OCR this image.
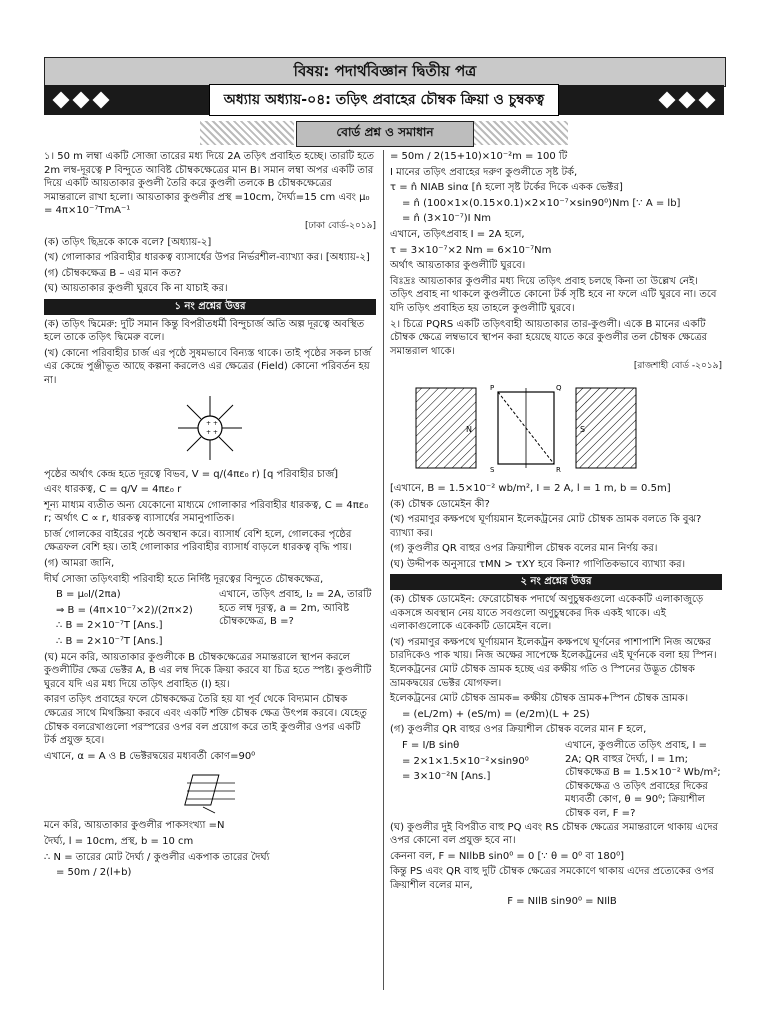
বিষয়: পদার্থবিজ্ঞান দ্বিতীয় পত্র
অধ্যায় অধ্যায়-০৪: তড়িৎ প্রবাহের চৌম্বক ক্রিয়া ও চুম্বকত্ব
বোর্ড প্রশ্ন ও সমাধান

১। 50 m লম্বা একটি সোজা তারের মধ্য দিয়ে 2A তড়িৎ প্রবাহিত হচ্ছে। তারটি হতে 2m লম্ব-দূরত্বে P বিন্দুতে আবিষ্ট চৌম্বকক্ষেত্রের মান B। সমান লম্বা অপর একটি তার দিয়ে একটি আয়তাকার কুণ্ডলী তৈরি করে কুণ্ডলী তলকে B চৌম্বকক্ষেত্রের সমান্তরালে রাখা হলো। আয়তাকার কুণ্ডলীর প্রস্থ =10cm, দৈর্ঘ্য=15 cm এবং μ₀ = 4π×10⁻⁷TmA⁻¹

[ঢাকা বোর্ড-২০১৯]

(ক) তড়িৎ ছিদ্রকে কাকে বলে? [অধ্যায়-২]

(খ) গোলাকার পরিবাহীর ধারকত্ব ব্যাসার্ধের উপর নির্ভরশীল-ব্যাখ্যা কর। [অধ্যায়-২]

(গ) চৌম্বকক্ষেত্র B – এর মান কত?

(ঘ) আয়তাকার কুণ্ডলী ঘুরবে কি না যাচাই কর।

১ নং প্রশ্নের উত্তর

(ক) তড়িৎ দ্বিমেরু: দুটি সমান কিন্তু বিপরীতধর্মী বিন্দুচার্জ অতি অল্প দূরত্বে অবস্থিত হলে তাকে তড়িৎ দ্বিমেরু বলে।

(খ) কোনো পরিবাহীর চার্জ এর পৃষ্ঠে সুষমভাবে বিন্যস্ত থাকে। তাই পৃষ্ঠের সকল চার্জ এর কেন্দ্রে পুঞ্জীভূত আছে কল্পনা করলেও এর ক্ষেত্রের (Field) কোনো পরিবর্তন হয় না।

+ +
+ +

পৃষ্ঠের অর্থাৎ কেন্দ্র হতে দূরত্বে বিভব, V = q/(4πε₀ r) [q পরিবাহীর চার্জ]

এবং ধারকত্ব, C = q/V = 4πε₀ r

শূন্য মাধ্যম ব্যতীত অন্য যেকোনো মাধ্যমে গোলাকার পরিবাহীর ধারকত্ব, C = 4πε₀ r; অর্থাৎ C ∝ r, ধারকত্ব ব্যাসার্ধের সমানুপাতিক।

চার্জ গোলকের বাইরের পৃষ্ঠে অবস্থান করে। ব্যাসার্ধ বেশি হলে, গোলকের পৃষ্ঠের ক্ষেত্রফল বেশি হয়। তাই গোলাকার পরিবাহীর ব্যাসার্ধ বাড়লে ধারকত্ব বৃদ্ধি পায়।

(গ) আমরা জানি,

দীর্ঘ সোজা তড়িৎবাহী পরিবাহী হতে নির্দিষ্ট দূরত্বের বিন্দুতে চৌম্বকক্ষেত্র,

B = μ₀I/(2πa)

⇒ B = (4π×10⁻⁷×2)/(2π×2)

∴ B = 2×10⁻⁷T [Ans.]

∴ B = 2×10⁻⁷T [Ans.]

এখানে, তড়িৎ প্রবাহ, I₂ = 2A, তারটি হতে লম্ব দূরত্ব, a = 2m, আবিষ্ট চৌম্বকক্ষেত্র, B =?

(ঘ) মনে করি, আয়তাকার কুণ্ডলীকে B চৌম্বকক্ষেত্রের সমান্তরালে স্থাপন করলে কুণ্ডলীটির ক্ষেত্র ভেক্টর A, B এর লম্ব দিকে ক্রিয়া করবে যা চিত্র হতে স্পষ্ট। কুণ্ডলীটি ঘুরবে যদি এর মধ্য দিয়ে তড়িৎ প্রবাহিত (I) হয়।

কারণ তড়িৎ প্রবাহের ফলে চৌম্বকক্ষেত্র তৈরি হয় যা পূর্ব থেকে বিদ্যমান চৌম্বক ক্ষেত্রের সাথে মিথস্ক্রিয়া করবে এবং একটি শক্তি চৌম্বক ক্ষেত্র উৎপন্ন করবে। যেহেতু চৌম্বক বলরেখাগুলো পরস্পরের ওপর বল প্রয়োগ করে তাই কুণ্ডলীর ওপর একটি টর্ক প্রযুক্ত হবে।

এখানে, α = A ও B ভেক্টরদ্বয়ের মধ্যবর্তী কোণ=90⁰

মনে করি, আয়তাকার কুণ্ডলীর পাকসংখ্যা =N

দৈর্ঘ্য, l = 10cm, প্রস্থ, b = 10 cm

∴ N = তারের মোট দৈর্ঘ্য / কুণ্ডলীর একপাক তারের দৈর্ঘ্য

= 50m / 2(l+b)

= 50m / 2(15+10)×10⁻²m = 100 টি

I মানের তড়িৎ প্রবাহের দরুণ কুণ্ডলীতে সৃষ্ট টর্ক,

τ = n̂ NIAB sinα [n̂ হলো সৃষ্ট টর্কের দিকে একক ভেক্টর]

= n̂ (100×1×(0.15×0.1)×2×10⁻⁷×sin90⁰)Nm [∵ A = lb]

= n̂ (3×10⁻⁷)I Nm

এখানে, তড়িৎপ্রবাহ I = 2A হলে,

τ = 3×10⁻⁷×2 Nm = 6×10⁻⁷Nm

অর্থাৎ আয়তাকার কুণ্ডলীটি ঘুরবে।

বিঃদ্রঃ আয়তাকার কুণ্ডলীর মধ্য দিয়ে তড়িৎ প্রবাহ চলছে কিনা তা উল্লেখ নেই। তড়িৎ প্রবাহ না থাকলে কুণ্ডলীতে কোনো টর্ক সৃষ্টি হবে না ফলে এটি ঘুরবে না। তবে যদি তড়িৎ প্রবাহিত হয় তাহলে কুণ্ডলীটি ঘুরবে।

২। চিত্রে PQRS একটি তড়িৎবাহী আয়তাকার তার-কুণ্ডলী। একে B মানের একটি চৌম্বক ক্ষেত্রে লম্বভাবে স্থাপন করা হয়েছে যাতে করে কুণ্ডলীর তল চৌম্বক ক্ষেত্রের সমান্তরাল থাকে।

[রাজশাহী বোর্ড -২০১৯]

P	Q
R
S
N	S

[এখানে, B = 1.5×10⁻² wb/m², I = 2 A, l = 1 m, b = 0.5m]

(ক) চৌম্বক ডোমেইন কী?

(খ) পরমাণুর কক্ষপথে ঘূর্ণায়মান ইলেকট্রনের মোট চৌম্বক ভ্রামক বলতে কি বুঝ? ব্যাখ্যা কর।

(গ) কুণ্ডলীর QR বাহুর ওপর ক্রিয়াশীল চৌম্বক বলের মান নির্ণয় কর।

(ঘ) উদ্দীপক অনুসারে τMN > τXY হবে কিনা? গাণিতিকভাবে ব্যাখ্যা কর।

২ নং প্রশ্নের উত্তর

(ক) চৌম্বক ডোমেইন: ফেরোচৌম্বক পদার্থে অণুচুম্বকগুলো একেকটি এলাকাজুড়ে একসঙ্গে অবস্থান নেয় যাতে সবগুলো অণুচুম্বকের দিক একই থাকে। এই এলাকাগুলোকে একেকটি ডোমেইন বলে।

(খ) পরমাণুর কক্ষপথে ঘূর্ণায়মান ইলেকট্রন কক্ষপথে ঘূর্ণনের পাশাপাশি নিজ অক্ষের চারদিকেও পাক খায়। নিজ অক্ষের সাপেক্ষে ইলেকট্রনের এই ঘূর্ণনকে বলা হয় স্পিন। ইলেকট্রনের মোট চৌম্বক ভ্রামক হচ্ছে এর কক্ষীয় গতি ও স্পিনের উদ্ভূত চৌম্বক ভ্রামকদ্বয়ের ভেক্টর যোগফল।

ইলেকট্রনের মোট চৌম্বক ভ্রামক= কক্ষীয় চৌম্বক ভ্রামক+স্পিন চৌম্বক ভ্রামক।

= (eL/2m) + (eS/m) = (e/2m)(L + 2S)

(গ) কুণ্ডলীর QR বাহুর ওপর ক্রিয়াশীল চৌম্বক বলের মান F হলে,

F = I/B sinθ

= 2×1×1.5×10⁻²×sin90⁰

= 3×10⁻²N [Ans.]

এখানে, কুণ্ডলীতে তড়িৎ প্রবাহ, I = 2A; QR বাহুর দৈর্ঘ্য, l = 1m; চৌম্বকক্ষেত্র B = 1.5×10⁻² Wb/m²; চৌম্বকক্ষেত্র ও তড়িৎ প্রবাহের দিকের মধ্যবর্তী কোণ, θ = 90⁰; ক্রিয়াশীল চৌম্বক বল, F =?

(ঘ) কুণ্ডলীর দুই বিপরীত বাহু PQ এবং RS চৌম্বক ক্ষেত্রের সমান্তরালে থাকায় এদের ওপর কোনো বল প্রযুক্ত হবে না।

কেননা বল, F = NIlbB sin0⁰ = 0 [∵ θ = 0⁰ বা 180⁰]

কিন্তু PS এবং QR বাহু দুটি চৌম্বক ক্ষেত্রের সমকোণে থাকায় এদের প্রত্যেকের ওপর ক্রিয়াশীল বলের মান,

F = NIlB sin90⁰ = NIlB
